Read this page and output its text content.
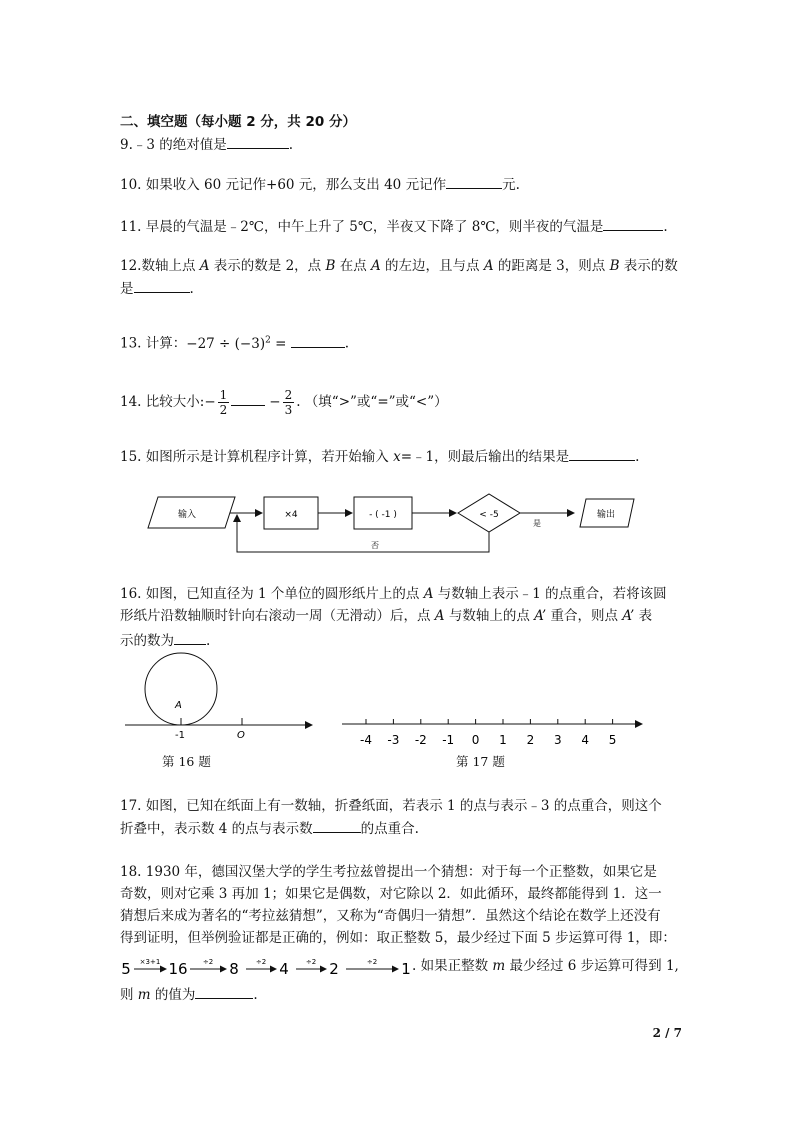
二、填空题（每小题 2 分，共 20 分）
9.﹣3 的绝对值是	.
10. 如果收入 60 元记作+60 元，那么支出 40 元记作	元.
11. 早晨的气温是﹣2℃，中午上升了 5℃，半夜又下降了 8℃，则半夜的气温是	.
12.数轴上点 A 表示的数是 2，点 B 在点 A 的左边，且与点 A 的距离是 3，则点 B 表示的数
是	.
13. 计算：$-27 \div (-3)^2$ =	.
14. 比较大小:− $\frac{1}{2}$	− $\frac{2}{3}$ . （填“>”或“=”或“<”）
15. 如图所示是计算机程序计算，若开始输入 x=﹣1，则最后输出的结果是	.
输入	×4	- ( -1 )	< -5
是
输出
否
16. 如图，已知直径为 1 个单位的圆形纸片上的点 A 与数轴上表示﹣1 的点重合，若将该圆
形纸片沿数轴顺时针向右滚动一周（无滑动）后，点 A 与数轴上的点 A’ 重合，则点 A’ 表
示的数为 .
A
-1	O
第 16 题
-4 -3 -2 -1 0 1 2 3 4 5
第 17 题
17. 如图，已知在纸面上有一数轴，折叠纸面，若表示 1 的点与表示﹣3 的点重合，则这个
折叠中，表示数 4 的点与表示数	的点重合.
18. 1930 年，德国汉堡大学的学生考拉兹曾提出一个猜想：对于每一个正整数，如果它是
奇数，则对它乘 3 再加 1；如果它是偶数，对它除以 2．如此循环，最终都能得到 1．这一
猜想后来成为著名的“考拉兹猜想”，又称为“奇偶归一猜想”．虽然这个结论在数学上还没有
得到证明，但举例验证都是正确的，例如：取正整数 5，最少经过下面 5 步运算可得 1，即：
5	16	8	4	2	1
×3+1	÷2	÷2	÷2	÷2	. 如果正整数 m 最少经过 6 步运算可得到 1,
则 m 的值为	.
2 / 7
